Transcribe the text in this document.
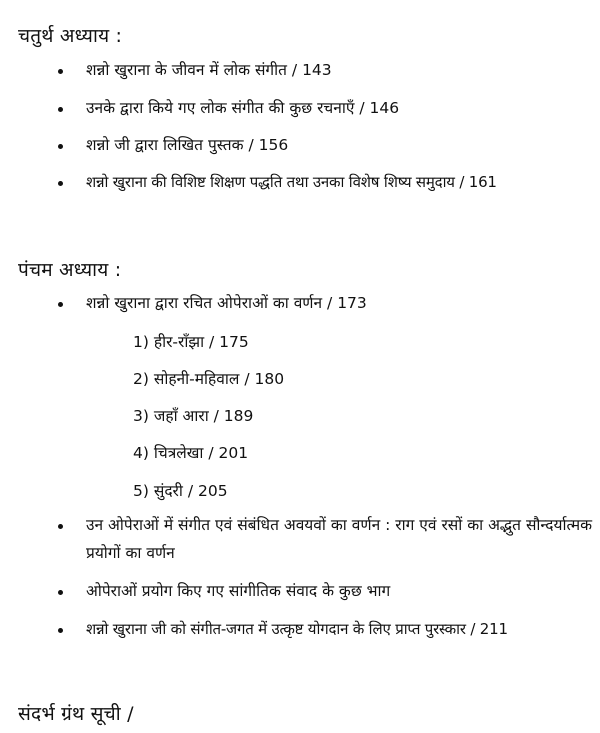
चतुर्थ अध्याय :
शन्नो खुराना के जीवन में लोक संगीत / 143
उनके द्वारा किये गए लोक संगीत की कुछ रचनाएँ / 146
शन्नो जी द्वारा लिखित पुस्तक / 156
शन्नो खुराना की विशिष्ट शिक्षण पद्धति तथा उनका विशेष शिष्य समुदाय / 161
पंचम अध्याय :
शन्नो खुराना द्वारा रचित ओपेराओं का वर्णन / 173
1) हीर-राँझा / 175
2) सोहनी-महिवाल / 180
3) जहाँ आरा / 189
4) चित्रलेखा / 201
5) सुंदरी / 205
उन ओपेराओं में संगीत एवं संबंधित अवयवों का वर्णन : राग एवं रसों का अद्भुत सौन्दर्यात्मक प्रयोगों का वर्णन
ओपेराओं प्रयोग किए गए सांगीतिक संवाद के कुछ भाग
शन्नो खुराना जी को संगीत-जगत में उत्कृष्ट योगदान के लिए प्राप्त पुरस्कार / 211
संदर्भ ग्रंथ सूची /
